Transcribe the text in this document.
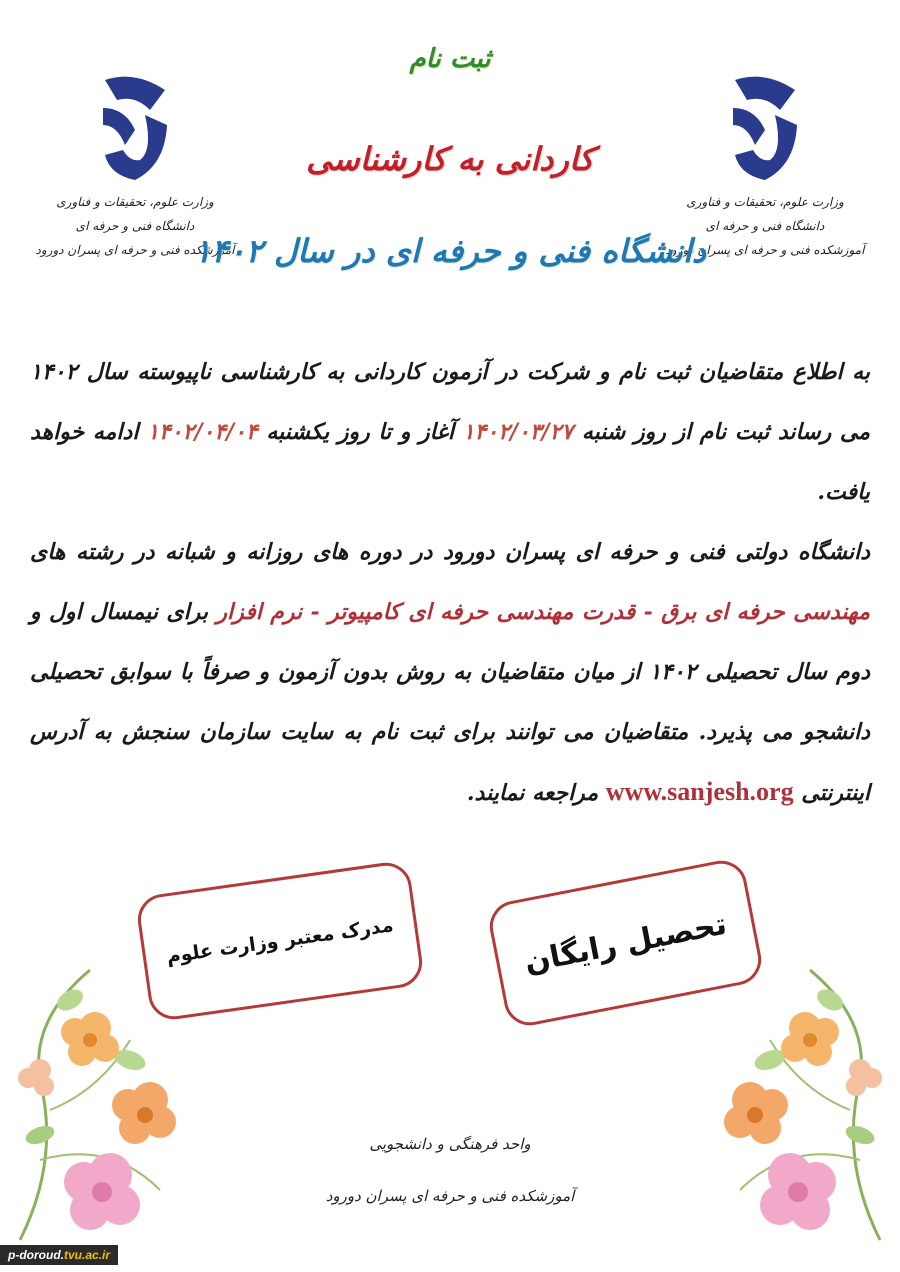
وزارت علوم، تحقیقات و فناوری
دانشگاه فنی و حرفه ای
آموزشکده فنی و حرفه ای پسران دورود
وزارت علوم، تحقیقات و فناوری
دانشگاه فنی و حرفه ای
آموزشکده فنی و حرفه ای پسران دورود
ثبت نام
کاردانی به کارشناسی
دانشگاه فنی و حرفه ای در سال ۱۴۰۲
به اطلاع متقاضیان ثبت نام و شرکت در آزمون کاردانی به کارشناسی ناپیوسته سال ۱۴۰۲ می رساند ثبت نام از روز شنبه ۱۴۰۲/۰۳/۲۷ آغاز و تا روز یکشنبه ۱۴۰۲/۰۴/۰۴ ادامه خواهد یافت.
دانشگاه دولتی فنی و حرفه ای پسران دورود در دوره های روزانه و شبانه در رشته های مهندسی حرفه ای برق - قدرت مهندسی حرفه ای کامپیوتر - نرم افزار برای نیمسال اول و دوم سال تحصیلی ۱۴۰۲ از میان متقاضیان به روش بدون آزمون و صرفاً با سوابق تحصیلی دانشجو می پذیرد. متقاضیان می توانند برای ثبت نام به سایت سازمان سنجش به آدرس اینترنتی www.sanjesh.org مراجعه نمایند.
مدرک معتبر وزارت علوم	تحصیل رایگان
واحد فرهنگی و دانشجویی
آموزشکده فنی و حرفه ای پسران دورود
p-doroud.tvu.ac.ir
